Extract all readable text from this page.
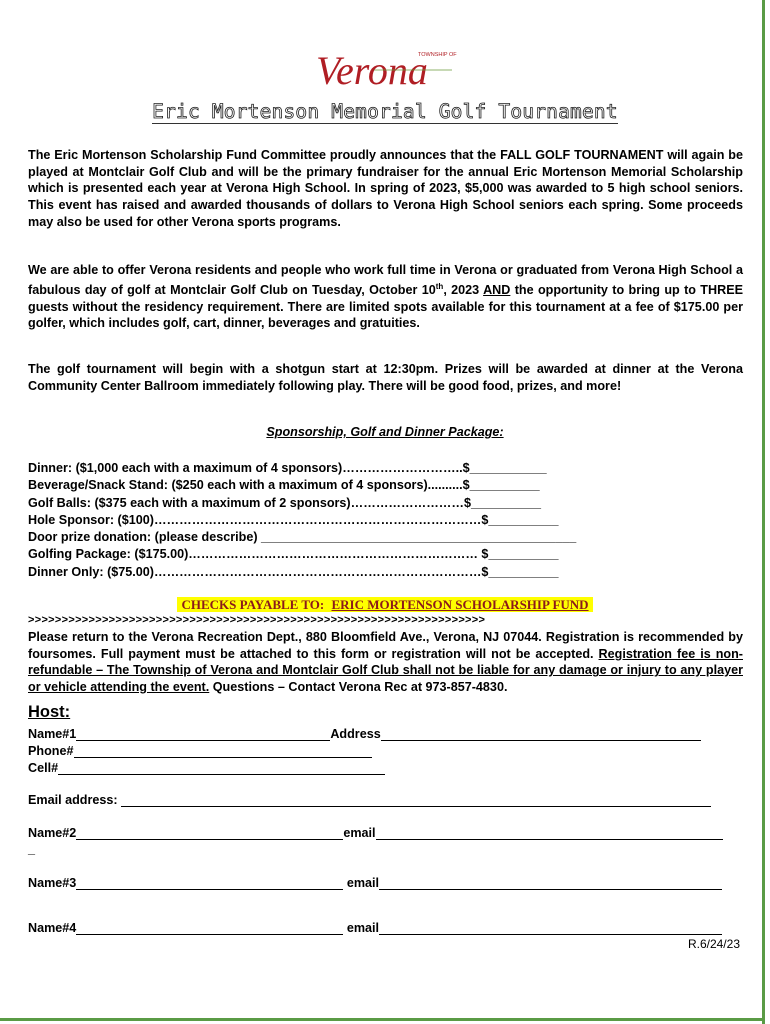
TOWNSHIP OF
Verona
Eric Mortenson Memorial Golf Tournament

The Eric Mortenson Scholarship Fund Committee proudly announces that the FALL GOLF TOURNAMENT will again be played at Montclair Golf Club and will be the primary fundraiser for the annual Eric Mortenson Memorial Scholarship which is presented each year at Verona High School. In spring of 2023, $5,000 was awarded to 5 high school seniors. This event has raised and awarded thousands of dollars to Verona High School seniors each spring. Some proceeds may also be used for other Verona sports programs.

We are able to offer Verona residents and people who work full time in Verona or graduated from Verona High School a fabulous day of golf at Montclair Golf Club on Tuesday, October 10th, 2023 AND the opportunity to bring up to THREE guests without the residency requirement. There are limited spots available for this tournament at a fee of $175.00 per golfer, which includes golf, cart, dinner, beverages and gratuities.

The golf tournament will begin with a shotgun start at 12:30pm. Prizes will be awarded at dinner at the Verona Community Center Ballroom immediately following play. There will be good food, prizes, and more!

Sponsorship, Golf and Dinner Package:
Dinner: ($1,000 each with a maximum of 4 sponsors)………………………..$___________
Beverage/Snack Stand: ($250 each with a maximum of 4 sponsors)..........$__________
Golf Balls: ($375 each with a maximum of 2 sponsors)………………………$__________
Hole Sponsor: ($100)……………………………………………………………………$__________
Door prize donation: (please describe) _____________________________________________
Golfing Package: ($175.00)…………………………………………………………… $__________
Dinner Only: ($75.00)……………………………………………………………………$__________
CHECKS PAYABLE TO: ERIC MORTENSON SCHOLARSHIP FUND
>>>>>>>>>>>>>>>>>>>>>>>>>>>>>>>>>>>>>>>>>>>>>>>>>>>>>>>>>>>>>>>>>>>>

Please return to the Verona Recreation Dept., 880 Bloomfield Ave., Verona, NJ 07044. Registration is recommended by foursomes. Full payment must be attached to this form or registration will not be accepted. Registration fee is non-refundable – The Township of Verona and Montclair Golf Club shall not be liable for any damage or injury to any player or vehicle attending the event. Questions – Contact Verona Rec at 973-857-4830.

Host:
Name#1	Address
Phone#
Cell#
Email address:
Name#2	email
_
Name#3	email
Name#4	email
R.6/24/23
